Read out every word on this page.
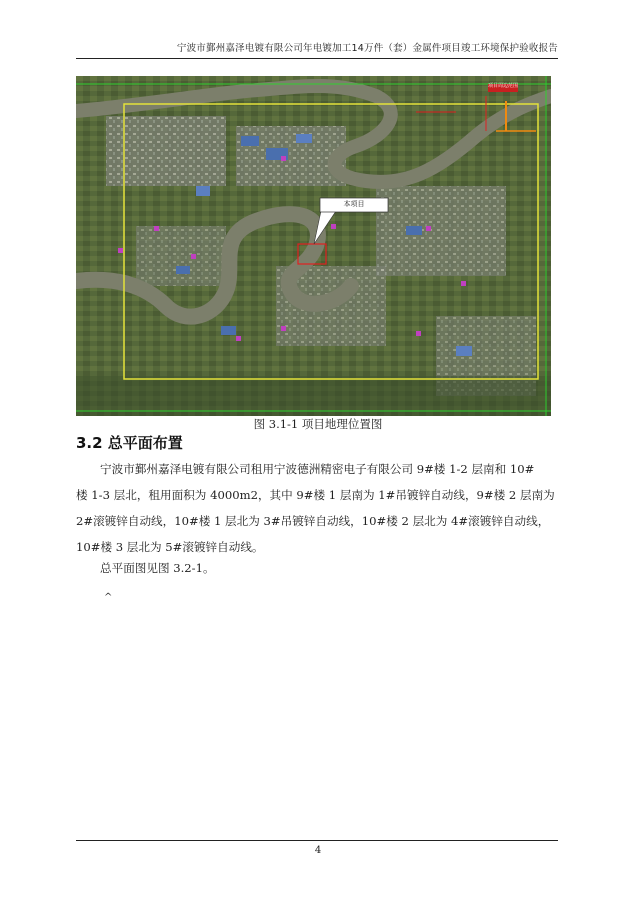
宁波市鄞州嘉泽电镀有限公司年电镀加工14万件（套）金属件项目竣工环境保护验收报告
本项目
项目周边范围
图 3.1-1 项目地理位置图
3.2 总平面布置
宁波市鄞州嘉泽电镀有限公司租用宁波德洲精密电子有限公司 9#楼 1-2 层南和 10#
楼 1-3 层北，租用面积为 4000m2，其中 9#楼 1 层南为 1#吊镀锌自动线，9#楼 2 层南为
2#滚镀锌自动线，10#楼 1 层北为 3#吊镀锌自动线，10#楼 2 层北为 4#滚镀锌自动线，
10#楼 3 层北为 5#滚镀锌自动线。
总平面图见图 3.2-1。
^
4
